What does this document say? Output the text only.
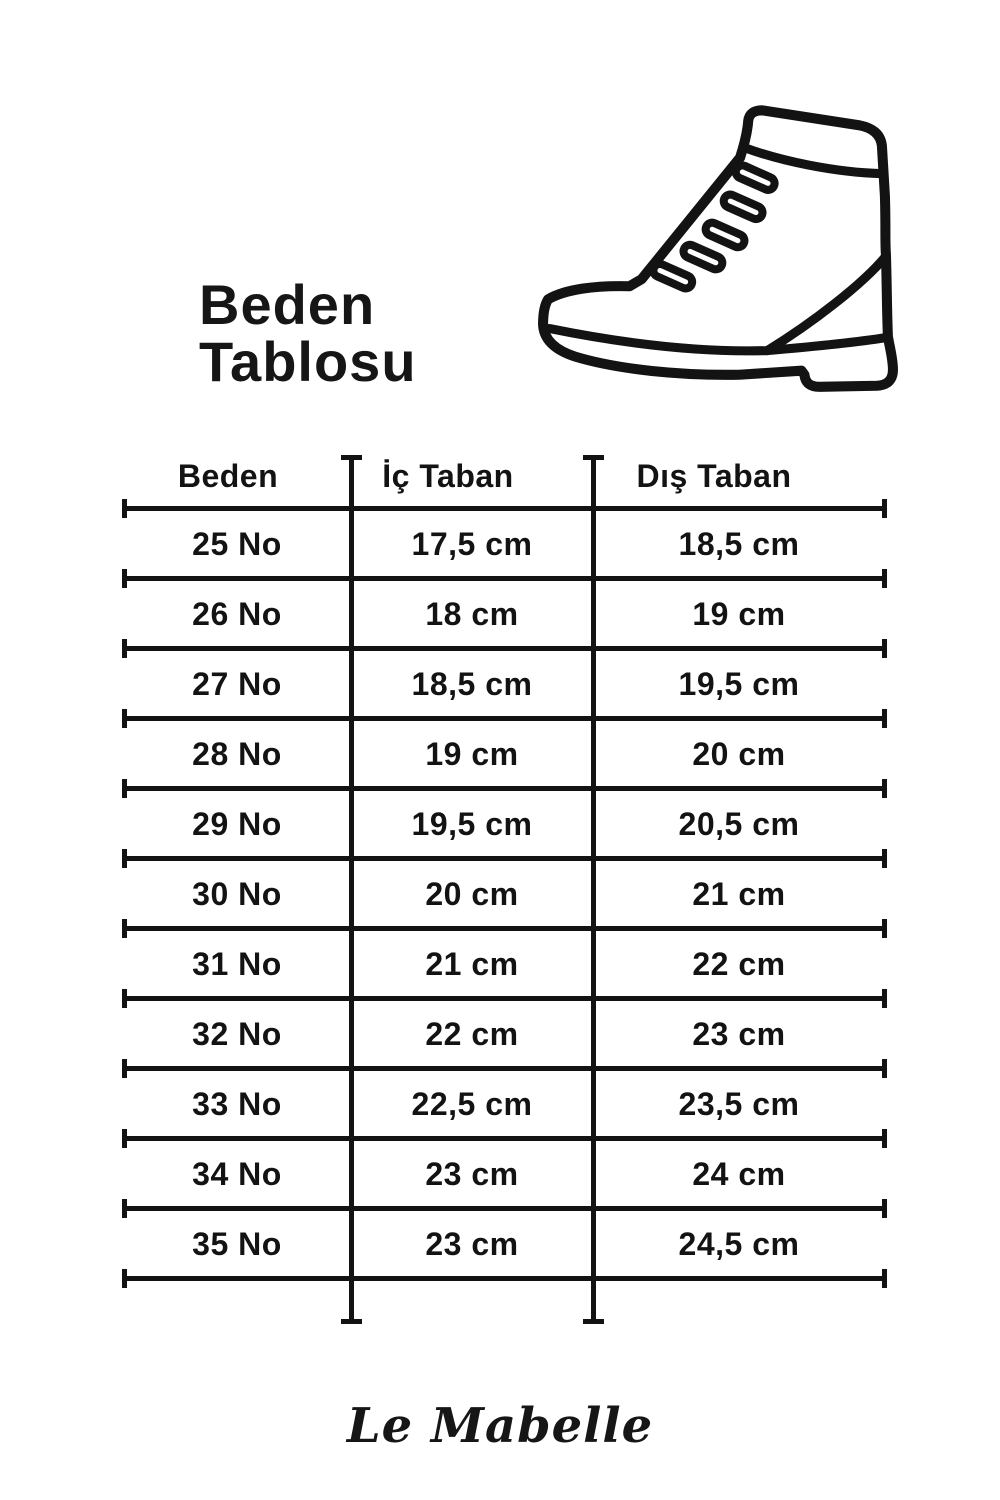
Beden
Tablosu
Beden	İç Taban	Dış Taban
25 No	17,5 cm	18,5 cm
26 No	18 cm	19 cm
27 No	18,5 cm	19,5 cm
28 No	19 cm	20 cm
29 No	19,5 cm	20,5 cm
30 No	20 cm	21 cm
31 No	21 cm	22 cm
32 No	22 cm	23 cm
33 No	22,5 cm	23,5 cm
34 No	23 cm	24 cm
35 No	23 cm	24,5 cm
Le Mabelle
